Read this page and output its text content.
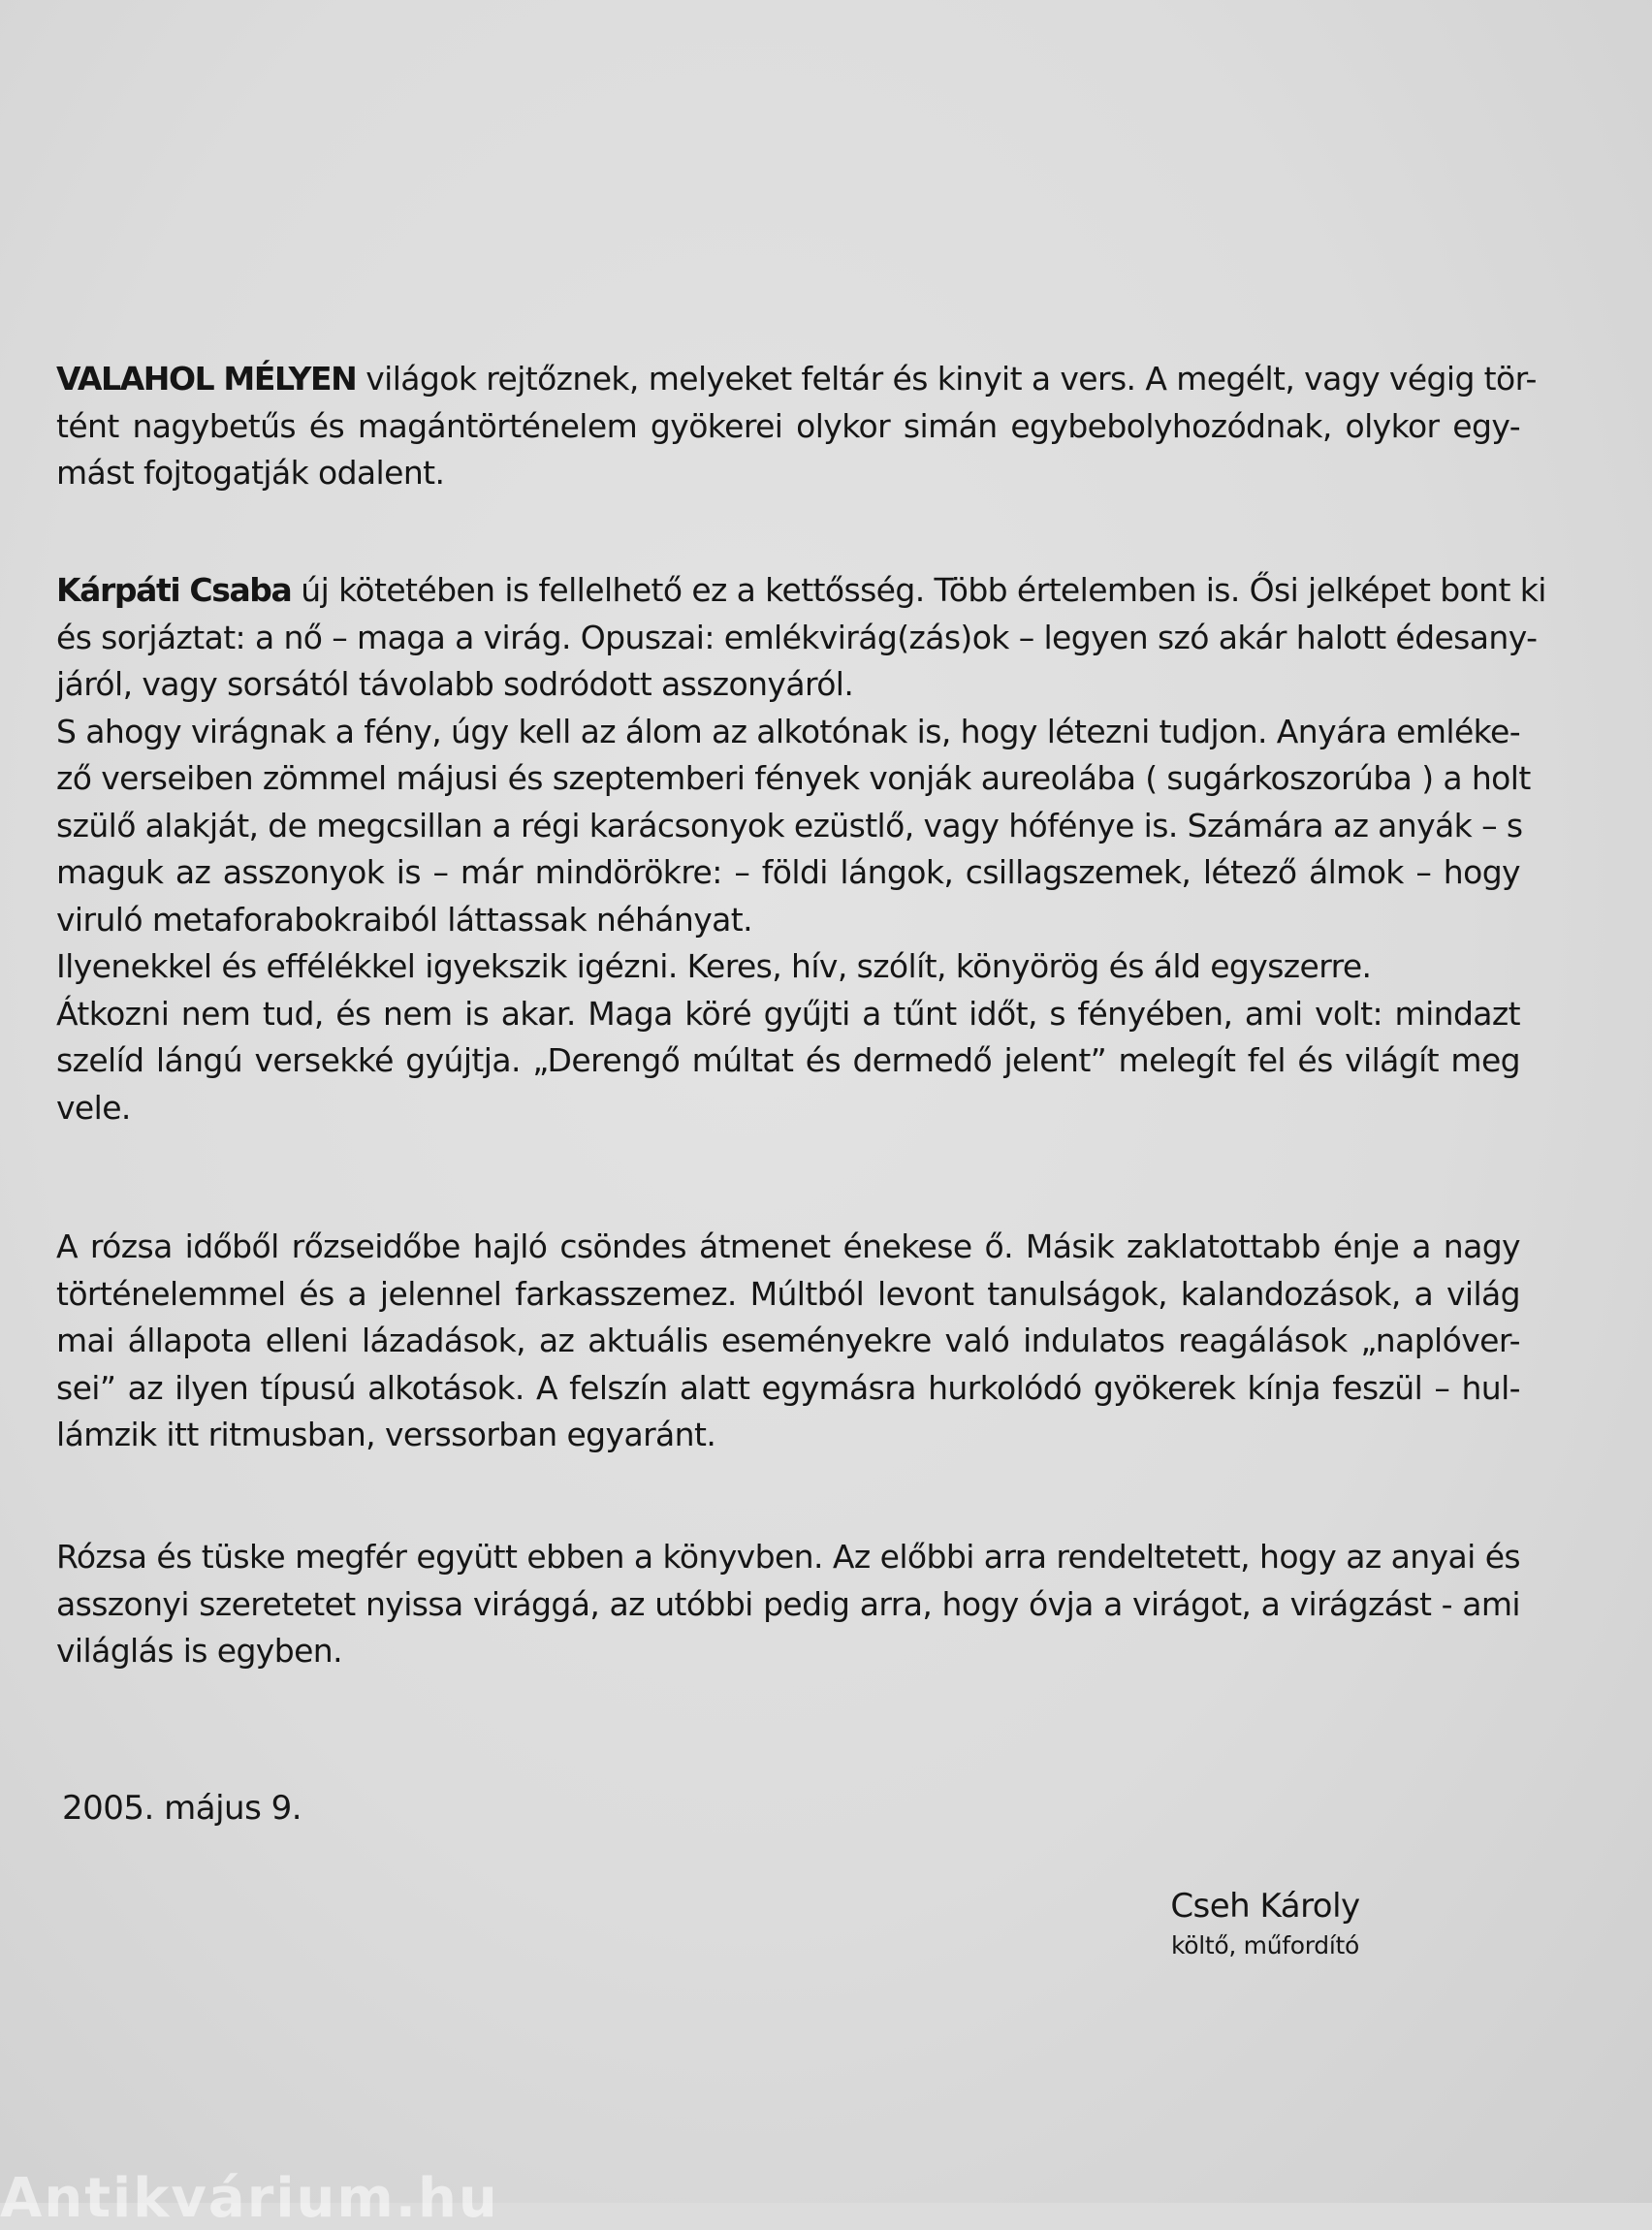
VALAHOL MÉLYEN világok rejtőznek, melyeket feltár és kinyit a vers. A megélt, vagy végig tör-
tént nagybetűs és magántörténelem gyökerei olykor simán egybebolyhozódnak, olykor egy-
mást fojtogatják odalent.
Kárpáti Csaba új kötetében is fellelhető ez a kettősség. Több értelemben is. Ősi jelképet bont ki
és sorjáztat: a nő – maga a virág. Opuszai: emlékvirág(zás)ok – legyen szó akár halott édesany-
járól, vagy sorsától távolabb sodródott asszonyáról.
S ahogy virágnak a fény, úgy kell az álom az alkotónak is, hogy létezni tudjon. Anyára emléke-
ző verseiben zömmel májusi és szeptemberi fények vonják aureolába ( sugárkoszorúba ) a holt
szülő alakját, de megcsillan a régi karácsonyok ezüstlő, vagy hófénye is. Számára az anyák – s
maguk az asszonyok is – már mindörökre: – földi lángok, csillagszemek, létező álmok – hogy
viruló metaforabokraiból láttassak néhányat.
Ilyenekkel és effélékkel igyekszik igézni. Keres, hív, szólít, könyörög és áld egyszerre.
Átkozni nem tud, és nem is akar. Maga köré gyűjti a tűnt időt, s fényében, ami volt: mindazt
szelíd lángú versekké gyújtja. „Derengő múltat és dermedő jelent” melegít fel és világít meg
vele.
A rózsa időből rőzseidőbe hajló csöndes átmenet énekese ő. Másik zaklatottabb énje a nagy
történelemmel és a jelennel farkasszemez. Múltból levont tanulságok, kalandozások, a világ
mai állapota elleni lázadások, az aktuális eseményekre való indulatos reagálások „naplóver-
sei” az ilyen típusú alkotások. A felszín alatt egymásra hurkolódó gyökerek kínja feszül – hul-
lámzik itt ritmusban, verssorban egyaránt.
Rózsa és tüske megfér együtt ebben a könyvben. Az előbbi arra rendeltetett, hogy az anyai és
asszonyi szeretetet nyissa virággá, az utóbbi pedig arra, hogy óvja a virágot, a virágzást - ami
világlás is egyben.
2005. május 9.
Cseh Károly
költő, műfordító
Antikvárium.hu
